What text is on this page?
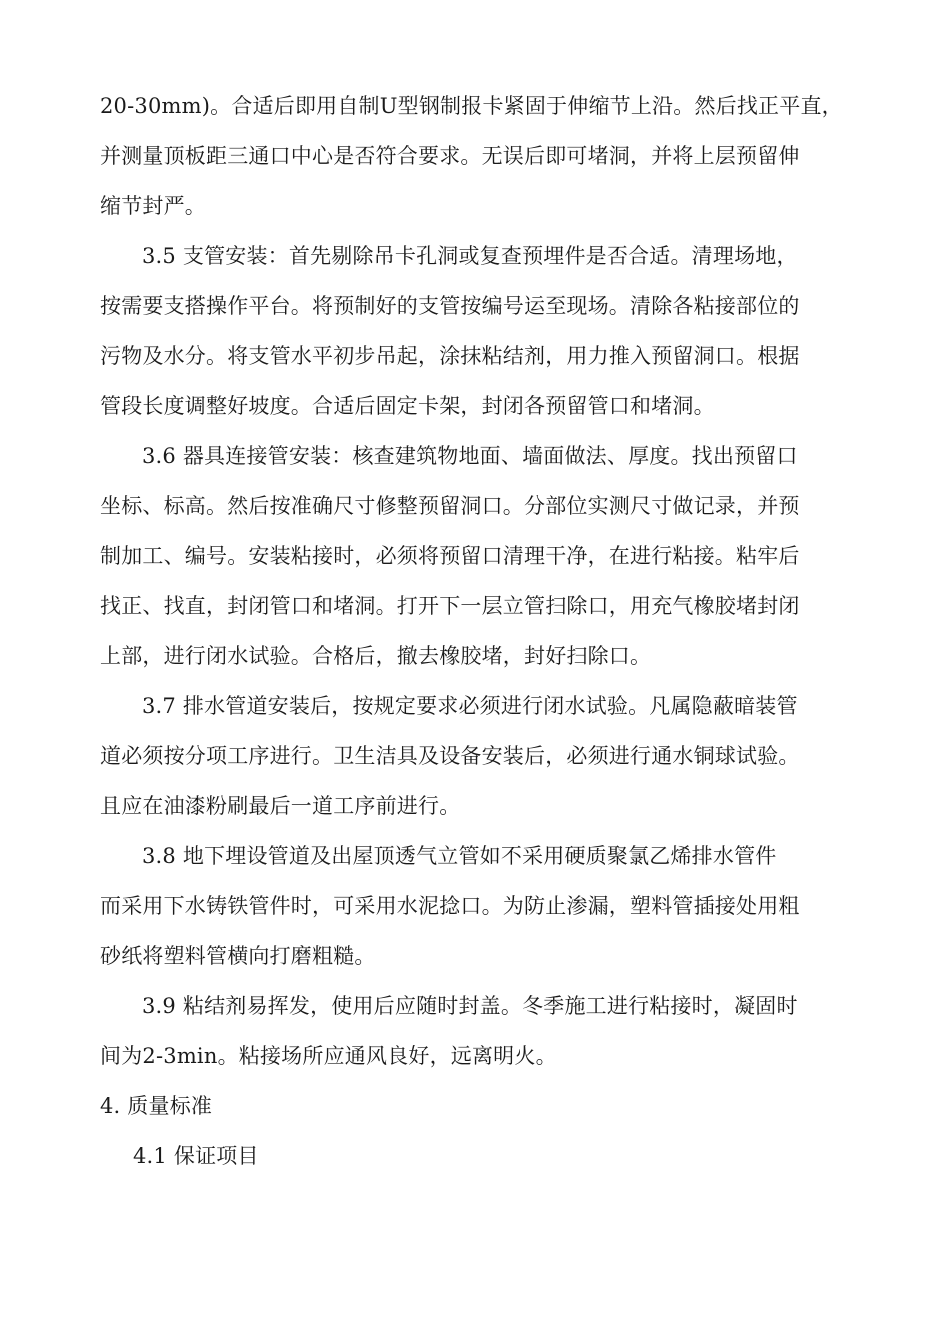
20-30mm)。合适后即用自制U型钢制报卡紧固于伸缩节上沿。然后找正平直，
并测量顶板距三通口中心是否符合要求。无误后即可堵洞，并将上层预留伸
缩节封严。
3.5 支管安装：首先剔除吊卡孔洞或复查预埋件是否合适。清理场地，
按需要支搭操作平台。将预制好的支管按编号运至现场。清除各粘接部位的
污物及水分。将支管水平初步吊起，涂抹粘结剂，用力推入预留洞口。根据
管段长度调整好坡度。合适后固定卡架，封闭各预留管口和堵洞。
3.6 器具连接管安装：核查建筑物地面、墙面做法、厚度。找出预留口
坐标、标高。然后按准确尺寸修整预留洞口。分部位实测尺寸做记录，并预
制加工、编号。安装粘接时，必须将预留口清理干净，在进行粘接。粘牢后
找正、找直，封闭管口和堵洞。打开下一层立管扫除口，用充气橡胶堵封闭
上部，进行闭水试验。合格后，撤去橡胶堵，封好扫除口。
3.7 排水管道安装后，按规定要求必须进行闭水试验。凡属隐蔽暗装管
道必须按分项工序进行。卫生洁具及设备安装后，必须进行通水铜球试验。
且应在油漆粉刷最后一道工序前进行。
3.8 地下埋设管道及出屋顶透气立管如不采用硬质聚氯乙烯排水管件
而采用下水铸铁管件时，可采用水泥捻口。为防止渗漏，塑料管插接处用粗
砂纸将塑料管横向打磨粗糙。
3.9 粘结剂易挥发，使用后应随时封盖。冬季施工进行粘接时，凝固时
间为2-3min。粘接场所应通风良好，远离明火。
4. 质量标准
4.1 保证项目
